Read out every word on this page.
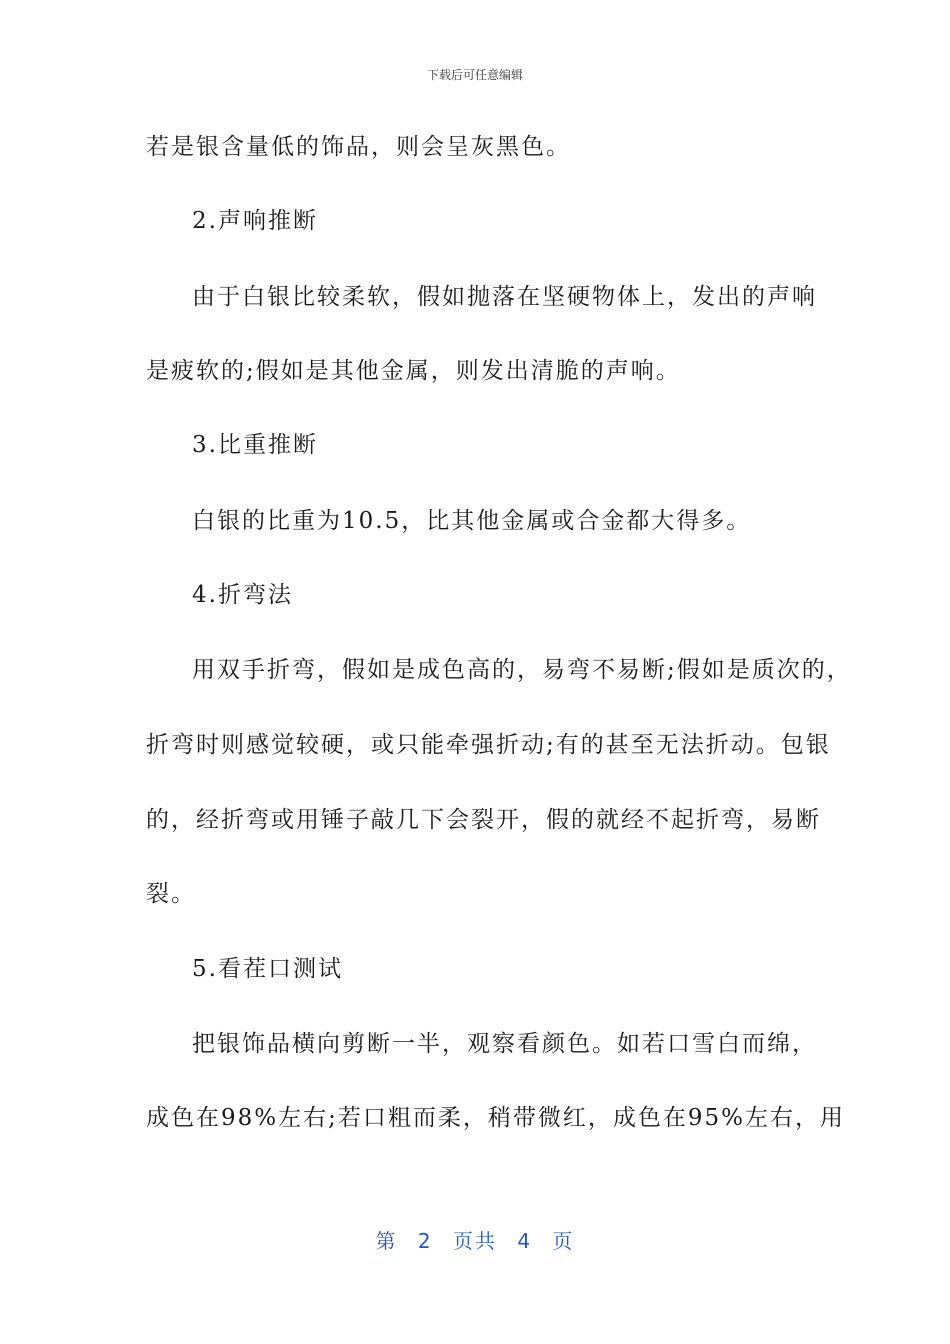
下载后可任意编辑
若是银含量低的饰品，则会呈灰黑色。
2.声响推断
由于白银比较柔软，假如抛落在坚硬物体上，发出的声响
是疲软的;假如是其他金属，则发出清脆的声响。
3.比重推断
白银的比重为10.5，比其他金属或合金都大得多。
4.折弯法
用双手折弯，假如是成色高的，易弯不易断;假如是质次的，
折弯时则感觉较硬，或只能牵强折动;有的甚至无法折动。包银
的，经折弯或用锤子敲几下会裂开，假的就经不起折弯，易断
裂。
5.看茬口测试
把银饰品横向剪断一半，观察看颜色。如若口雪白而绵，
成色在98%左右;若口粗而柔，稍带微红，成色在95%左右，用
第 2 页共 4 页
